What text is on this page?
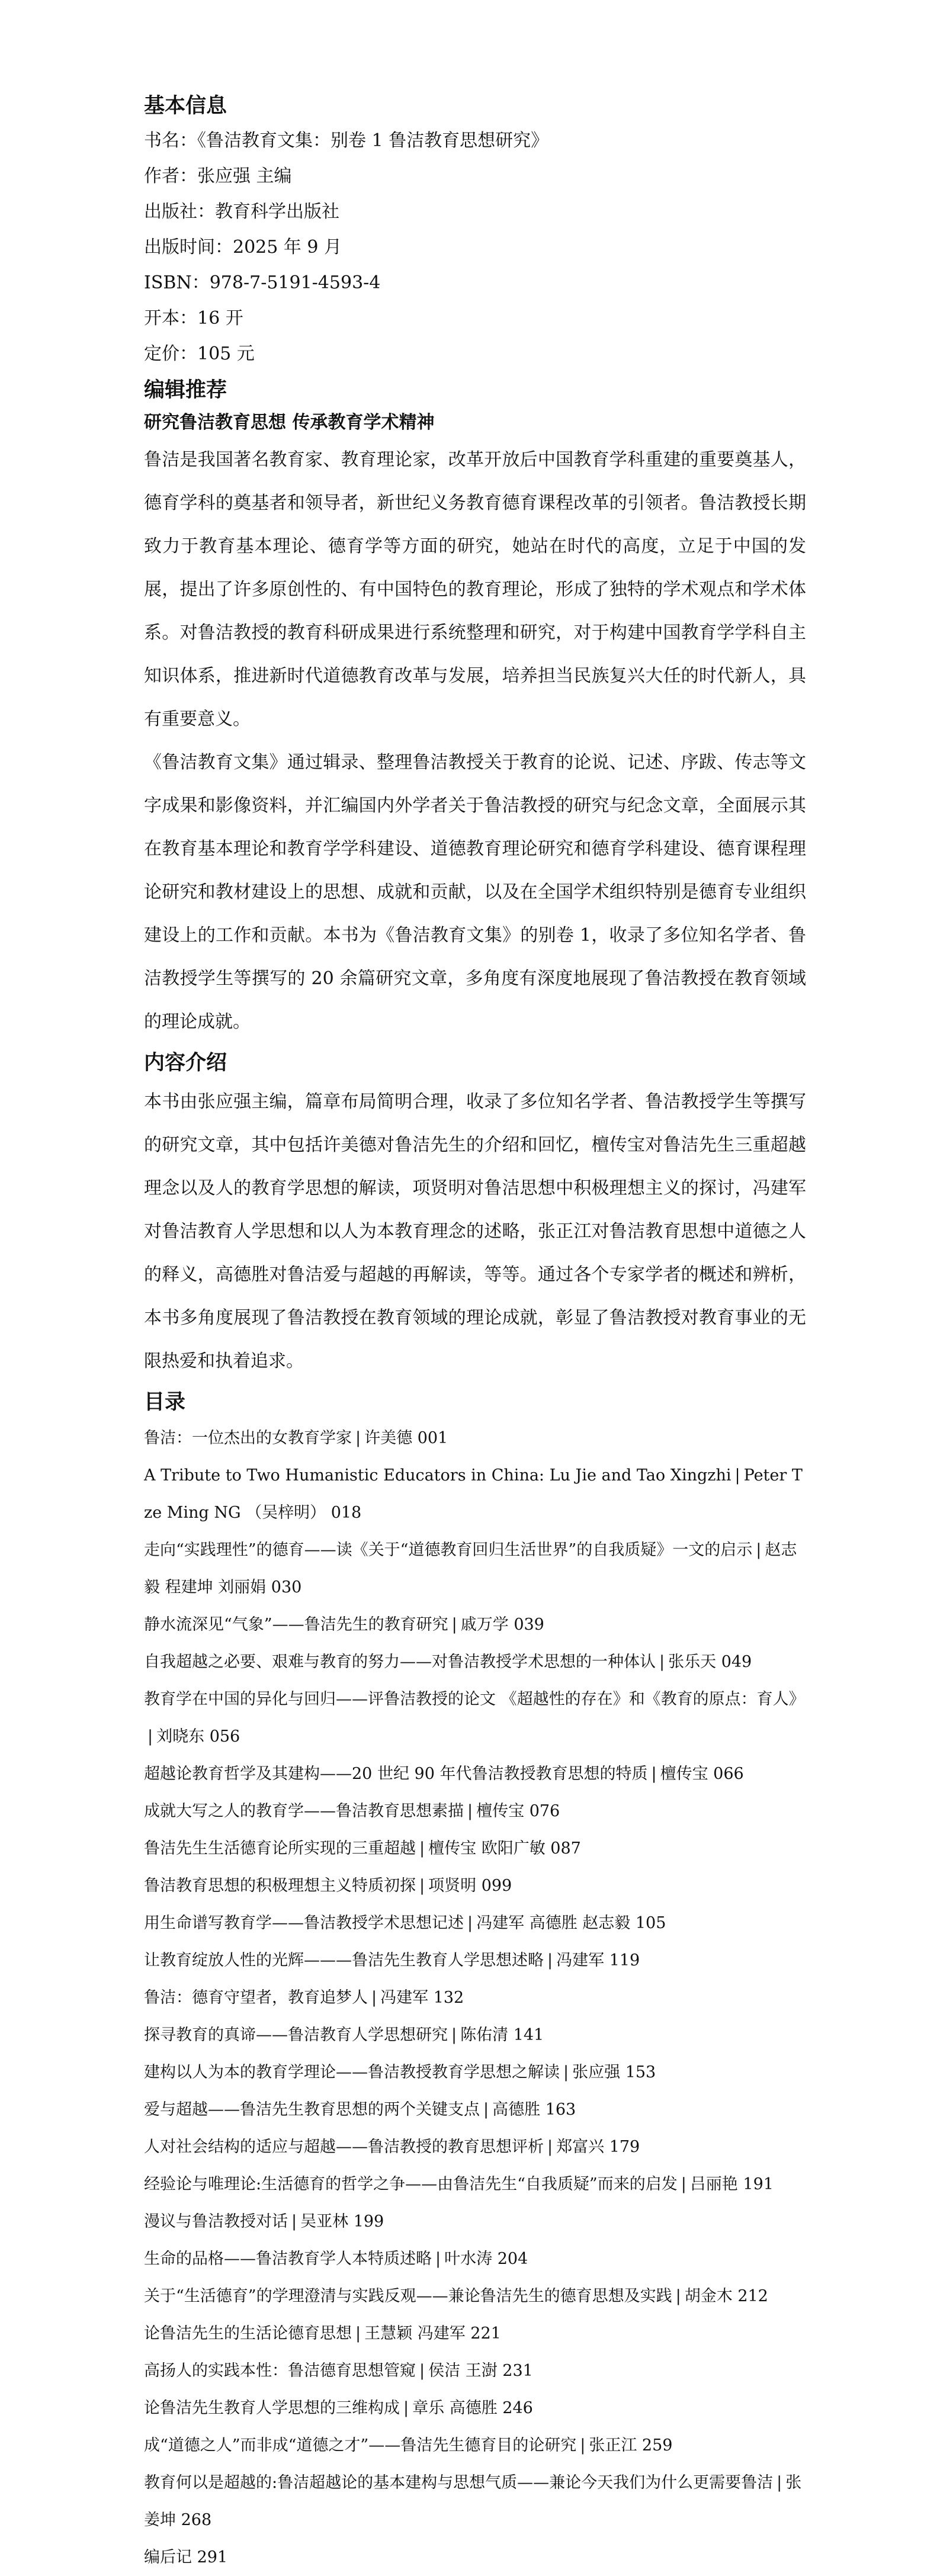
基本信息
书名：《鲁洁教育文集：别卷 1 鲁洁教育思想研究》
作者：张应强 主编
出版社：教育科学出版社
出版时间：2025 年 9 月
ISBN：978-7-5191-4593-4
开本：16 开
定价：105 元
编辑推荐
研究鲁洁教育思想 传承教育学术精神

鲁洁是我国著名教育家、教育理论家，改革开放后中国教育学科重建的重要奠基人，德育学科的奠基者和领导者，新世纪义务教育德育课程改革的引领者。鲁洁教授长期致力于教育基本理论、德育学等方面的研究，她站在时代的高度，立足于中国的发展，提出了许多原创性的、有中国特色的教育理论，形成了独特的学术观点和学术体系。对鲁洁教授的教育科研成果进行系统整理和研究，对于构建中国教育学学科自主知识体系，推进新时代道德教育改革与发展，培养担当民族复兴大任的时代新人，具有重要意义。

《鲁洁教育文集》通过辑录、整理鲁洁教授关于教育的论说、记述、序跋、传志等文字成果和影像资料，并汇编国内外学者关于鲁洁教授的研究与纪念文章，全面展示其在教育基本理论和教育学学科建设、道德教育理论研究和德育学科建设、德育课程理论研究和教材建设上的思想、成就和贡献，以及在全国学术组织特别是德育专业组织建设上的工作和贡献。本书为《鲁洁教育文集》的别卷 1，收录了多位知名学者、鲁洁教授学生等撰写的 20 余篇研究文章，多角度有深度地展现了鲁洁教授在教育领域的理论成就。

内容介绍

本书由张应强主编，篇章布局简明合理，收录了多位知名学者、鲁洁教授学生等撰写的研究文章，其中包括许美德对鲁洁先生的介绍和回忆，檀传宝对鲁洁先生三重超越理念以及人的教育学思想的解读，项贤明对鲁洁思想中积极理想主义的探讨，冯建军对鲁洁教育人学思想和以人为本教育理念的述略，张正江对鲁洁教育思想中道德之人的释义，高德胜对鲁洁爱与超越的再解读，等等。通过各个专家学者的概述和辨析，本书多角度展现了鲁洁教授在教育领域的理论成就，彰显了鲁洁教授对教育事业的无限热爱和执着追求。

目录
鲁洁：一位杰出的女教育学家 | 许美德 001
A Tribute to Two Humanistic Educators in China: Lu Jie and Tao Xingzhi | Peter Tze Ming NG （吴梓明） 018
走向“实践理性”的德育——读《关于“道德教育回归生活世界”的自我质疑》一文的启示 | 赵志毅 程建坤 刘丽娟 030
静水流深见“气象”——鲁洁先生的教育研究 | 戚万学 039
自我超越之必要、艰难与教育的努力——对鲁洁教授学术思想的一种体认 | 张乐天 049
教育学在中国的异化与回归——评鲁洁教授的论文 《超越性的存在》和《教育的原点：育人》| 刘晓东 056
超越论教育哲学及其建构——20 世纪 90 年代鲁洁教授教育思想的特质 | 檀传宝 066
成就大写之人的教育学——鲁洁教育思想素描 | 檀传宝 076
鲁洁先生生活德育论所实现的三重超越 | 檀传宝 欧阳广敏 087
鲁洁教育思想的积极理想主义特质初探 | 项贤明 099
用生命谱写教育学——鲁洁教授学术思想记述 | 冯建军 高德胜 赵志毅 105
让教育绽放人性的光辉———鲁洁先生教育人学思想述略 | 冯建军 119
鲁洁：德育守望者，教育追梦人 | 冯建军 132
探寻教育的真谛——鲁洁教育人学思想研究 | 陈佑清 141
建构以人为本的教育学理论——鲁洁教授教育学思想之解读 | 张应强 153
爱与超越——鲁洁先生教育思想的两个关键支点 | 高德胜 163
人对社会结构的适应与超越——鲁洁教授的教育思想评析 | 郑富兴 179
经验论与唯理论:生活德育的哲学之争——由鲁洁先生“自我质疑”而来的启发 | 吕丽艳 191
漫议与鲁洁教授对话 | 吴亚林 199
生命的品格——鲁洁教育学人本特质述略 | 叶水涛 204
关于“生活德育”的学理澄清与实践反观——兼论鲁洁先生的德育思想及实践 | 胡金木 212
论鲁洁先生的生活论德育思想 | 王慧颖 冯建军 221
高扬人的实践本性：鲁洁德育思想管窥 | 侯洁 王澍 231
论鲁洁先生教育人学思想的三维构成 | 章乐 高德胜 246
成“道德之人”而非成“道德之才”——鲁洁先生德育目的论研究 | 张正江 259
教育何以是超越的:鲁洁超越论的基本建构与思想气质——兼论今天我们为什么更需要鲁洁 | 张姜坤 268
编后记 291
